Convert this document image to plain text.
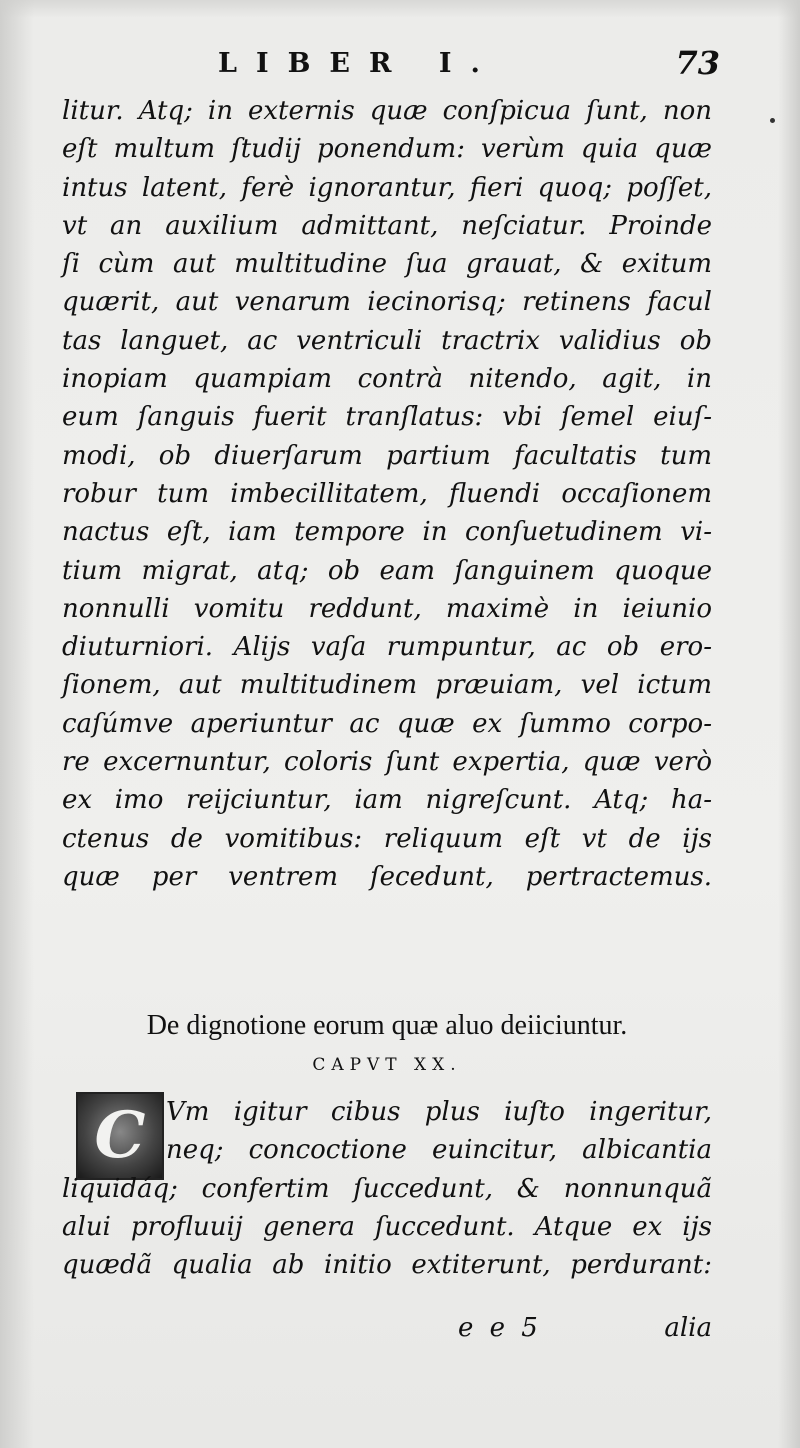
LIBER I.	73
litur. Atq; in externis quæ conſpicua ſunt, non
eſt multum ſtudij ponendum: verùm quia quæ
intus latent, ferè ignorantur, fieri quoq; poſſet,
vt an auxilium admittant, neſciatur. Proinde
ſi cùm aut multitudine ſua grauat, & exitum
quærit, aut venarum iecinorisq; retinens facul
tas languet, ac ventriculi tractrix validius ob
inopiam quampiam contrà nitendo, agit, in
eum ſanguis fuerit tranſlatus: vbi ſemel eiuſ-
modi, ob diuerſarum partium facultatis tum
robur tum imbecillitatem, fluendi occaſionem
nactus eſt, iam tempore in conſuetudinem vi-
tium migrat, atq; ob eam ſanguinem quoque
nonnulli vomitu reddunt, maximè in ieiunio
diuturniori. Alijs vaſa rumpuntur, ac ob ero-
ſionem, aut multitudinem præuiam, vel ictum
caſúmve aperiuntur ac quæ ex ſummo corpo-
re excernuntur, coloris ſunt expertia, quæ verò
ex imo reijciuntur, iam nigreſcunt. Atq; ha-
ctenus de vomitibus: reliquum eſt vt de ijs
quæ per ventrem ſecedunt, pertractemus.
De dignotione eorum quæ aluo deiiciuntur.
CAPVT XX.
C Vm igitur cibus plus iuſto ingeritur,
neq; concoctione euincitur, albicantia
liquidáq; confertim ſuccedunt, & nonnunquã
alui profluuij genera ſuccedunt. Atque ex ijs
quædã qualia ab initio extiterunt, perdurant:
e e 5	alia
